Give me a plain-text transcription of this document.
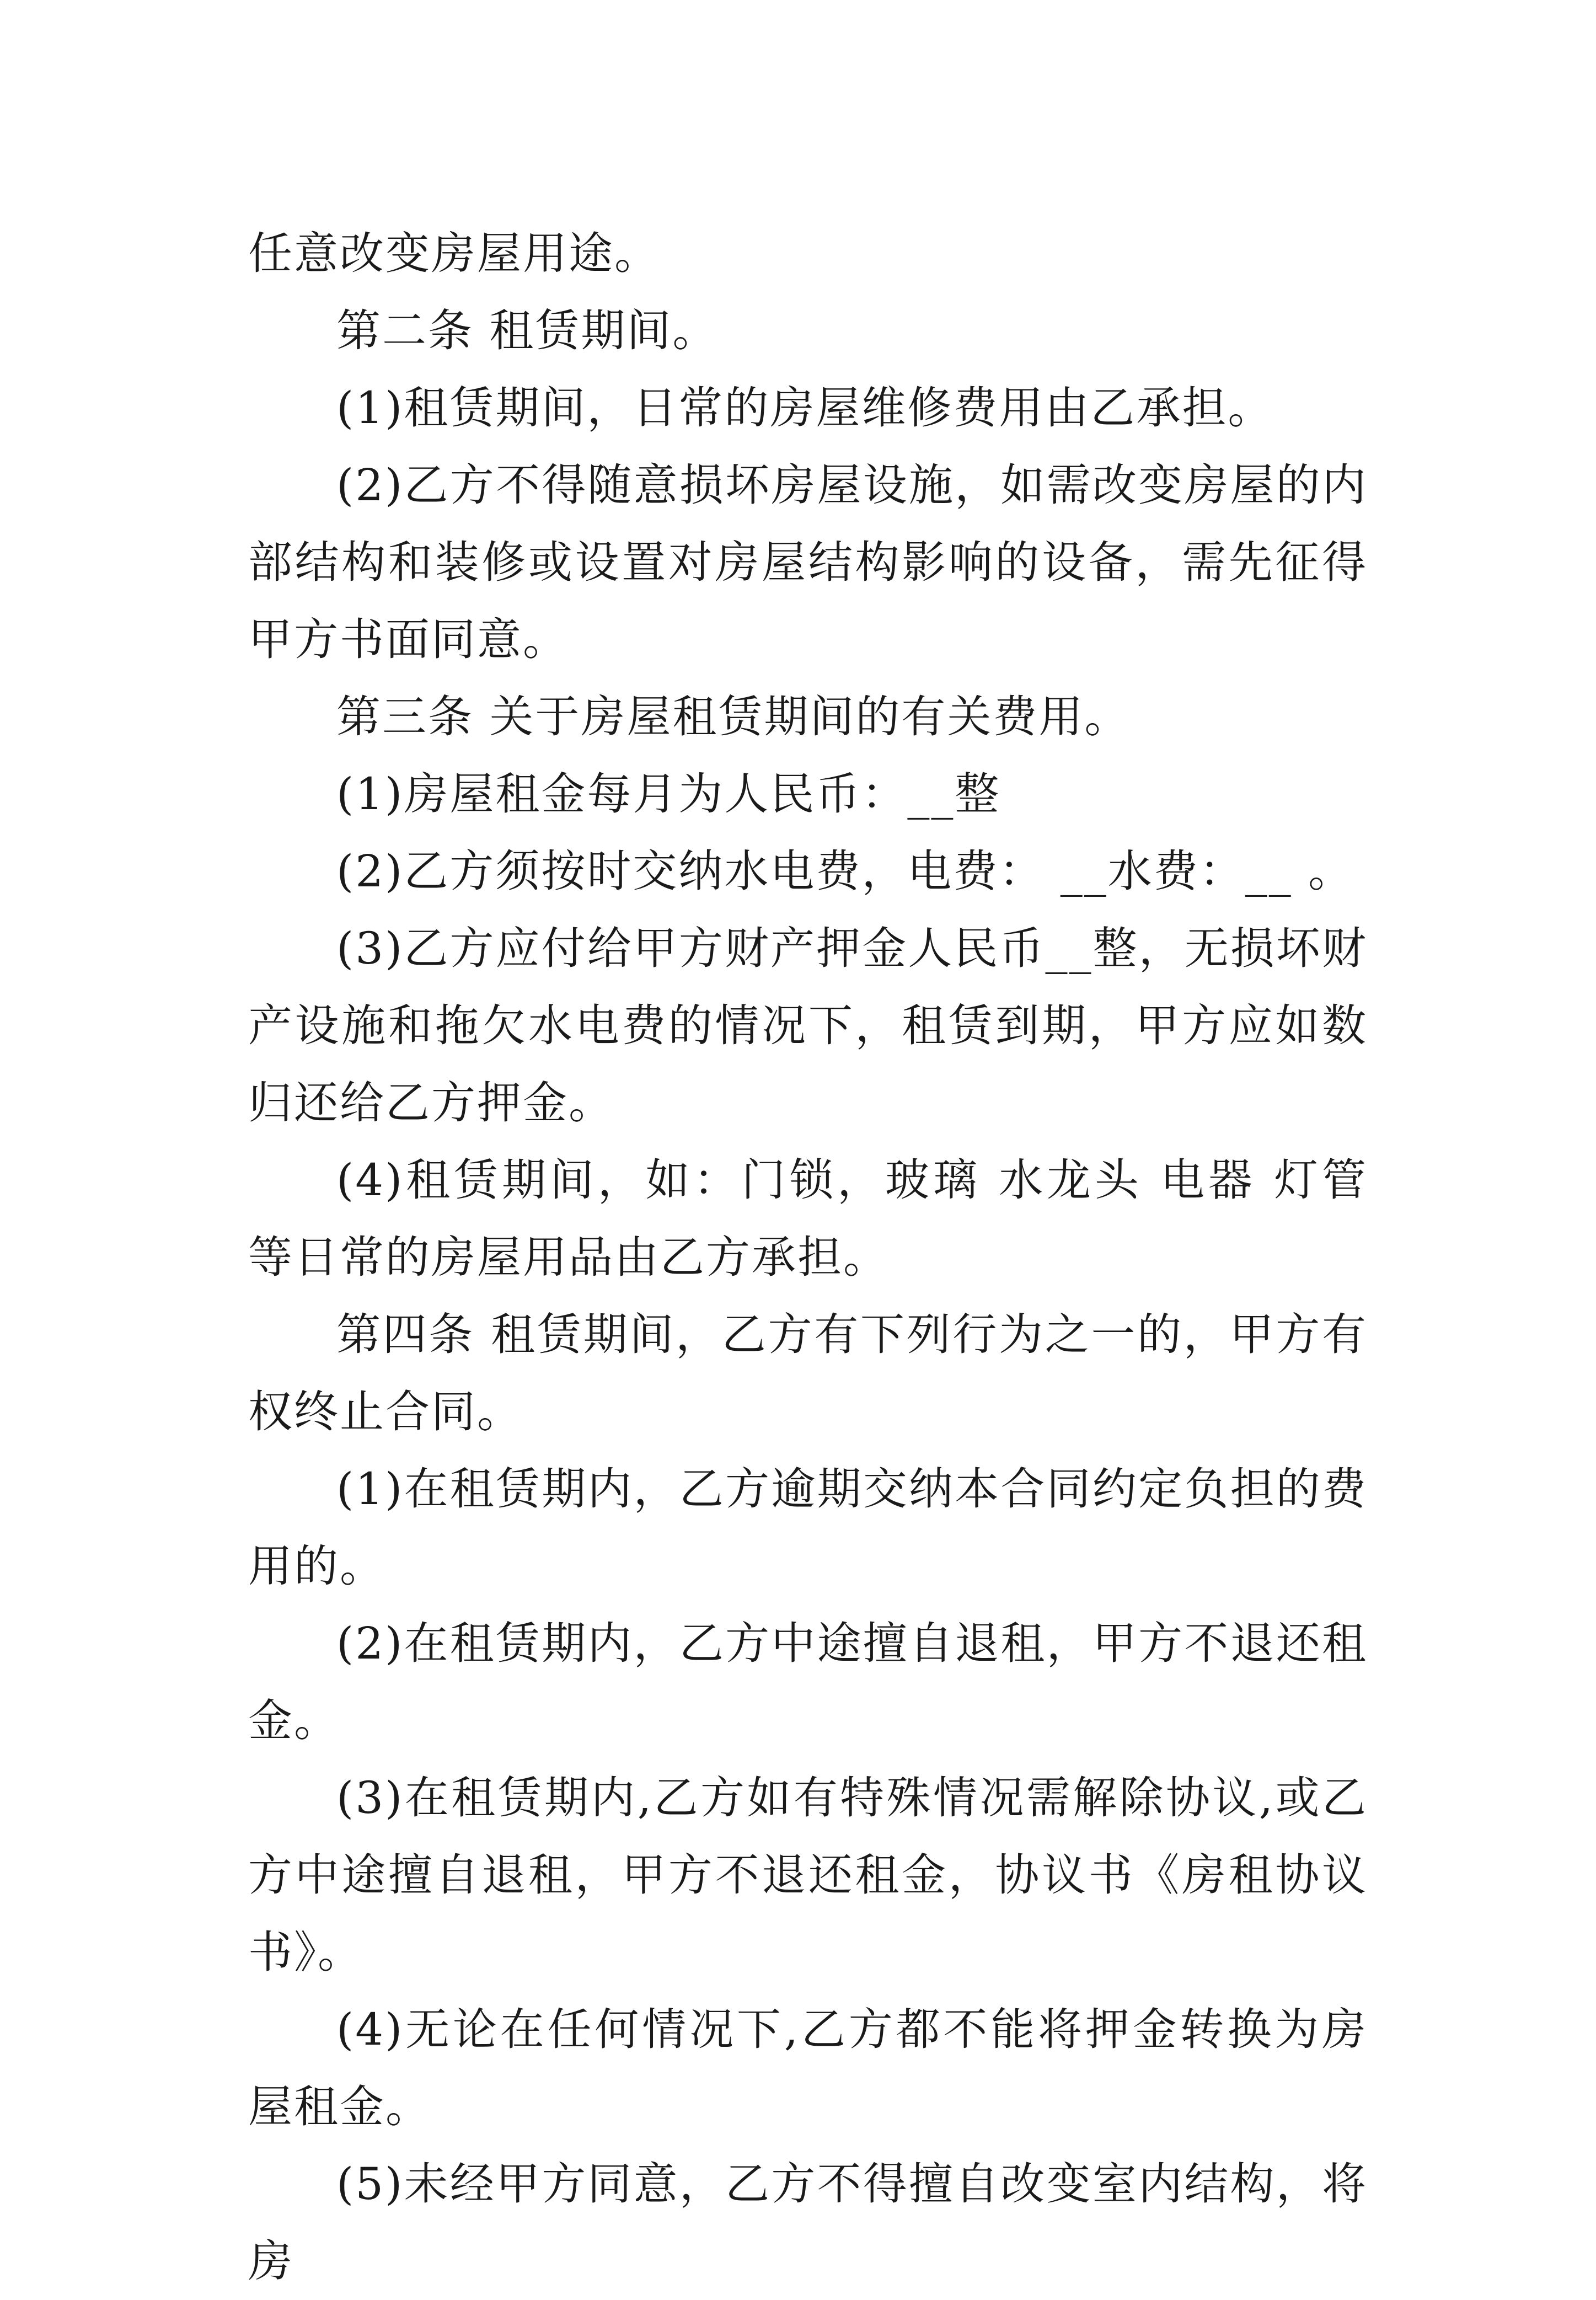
任意改变房屋用途。

第二条 租赁期间。

(1)租赁期间，日常的房屋维修费用由乙承担。

(2)乙方不得随意损坏房屋设施，如需改变房屋的内部结构和装修或设置对房屋结构影响的设备，需先征得甲方书面同意。

第三条 关于房屋租赁期间的有关费用。

(1)房屋租金每月为人民币：__整

(2)乙方须按时交纳水电费，电费： __水费：__ 。

(3)乙方应付给甲方财产押金人民币__整，无损坏财产设施和拖欠水电费的情况下，租赁到期，甲方应如数归还给乙方押金。

(4)租赁期间，如：门锁，玻璃 水龙头 电器 灯管 等日常的房屋用品由乙方承担。

第四条 租赁期间，乙方有下列行为之一的，甲方有权终止合同。

(1)在租赁期内，乙方逾期交纳本合同约定负担的费用的。

(2)在租赁期内，乙方中途擅自退租，甲方不退还租金。

(3)在租赁期内,乙方如有特殊情况需解除协议,或乙方中途擅自退租，甲方不退还租金，协议书《房租协议书》。

(4)无论在任何情况下,乙方都不能将押金转换为房屋租金。

(5)未经甲方同意，乙方不得擅自改变室内结构，将房
